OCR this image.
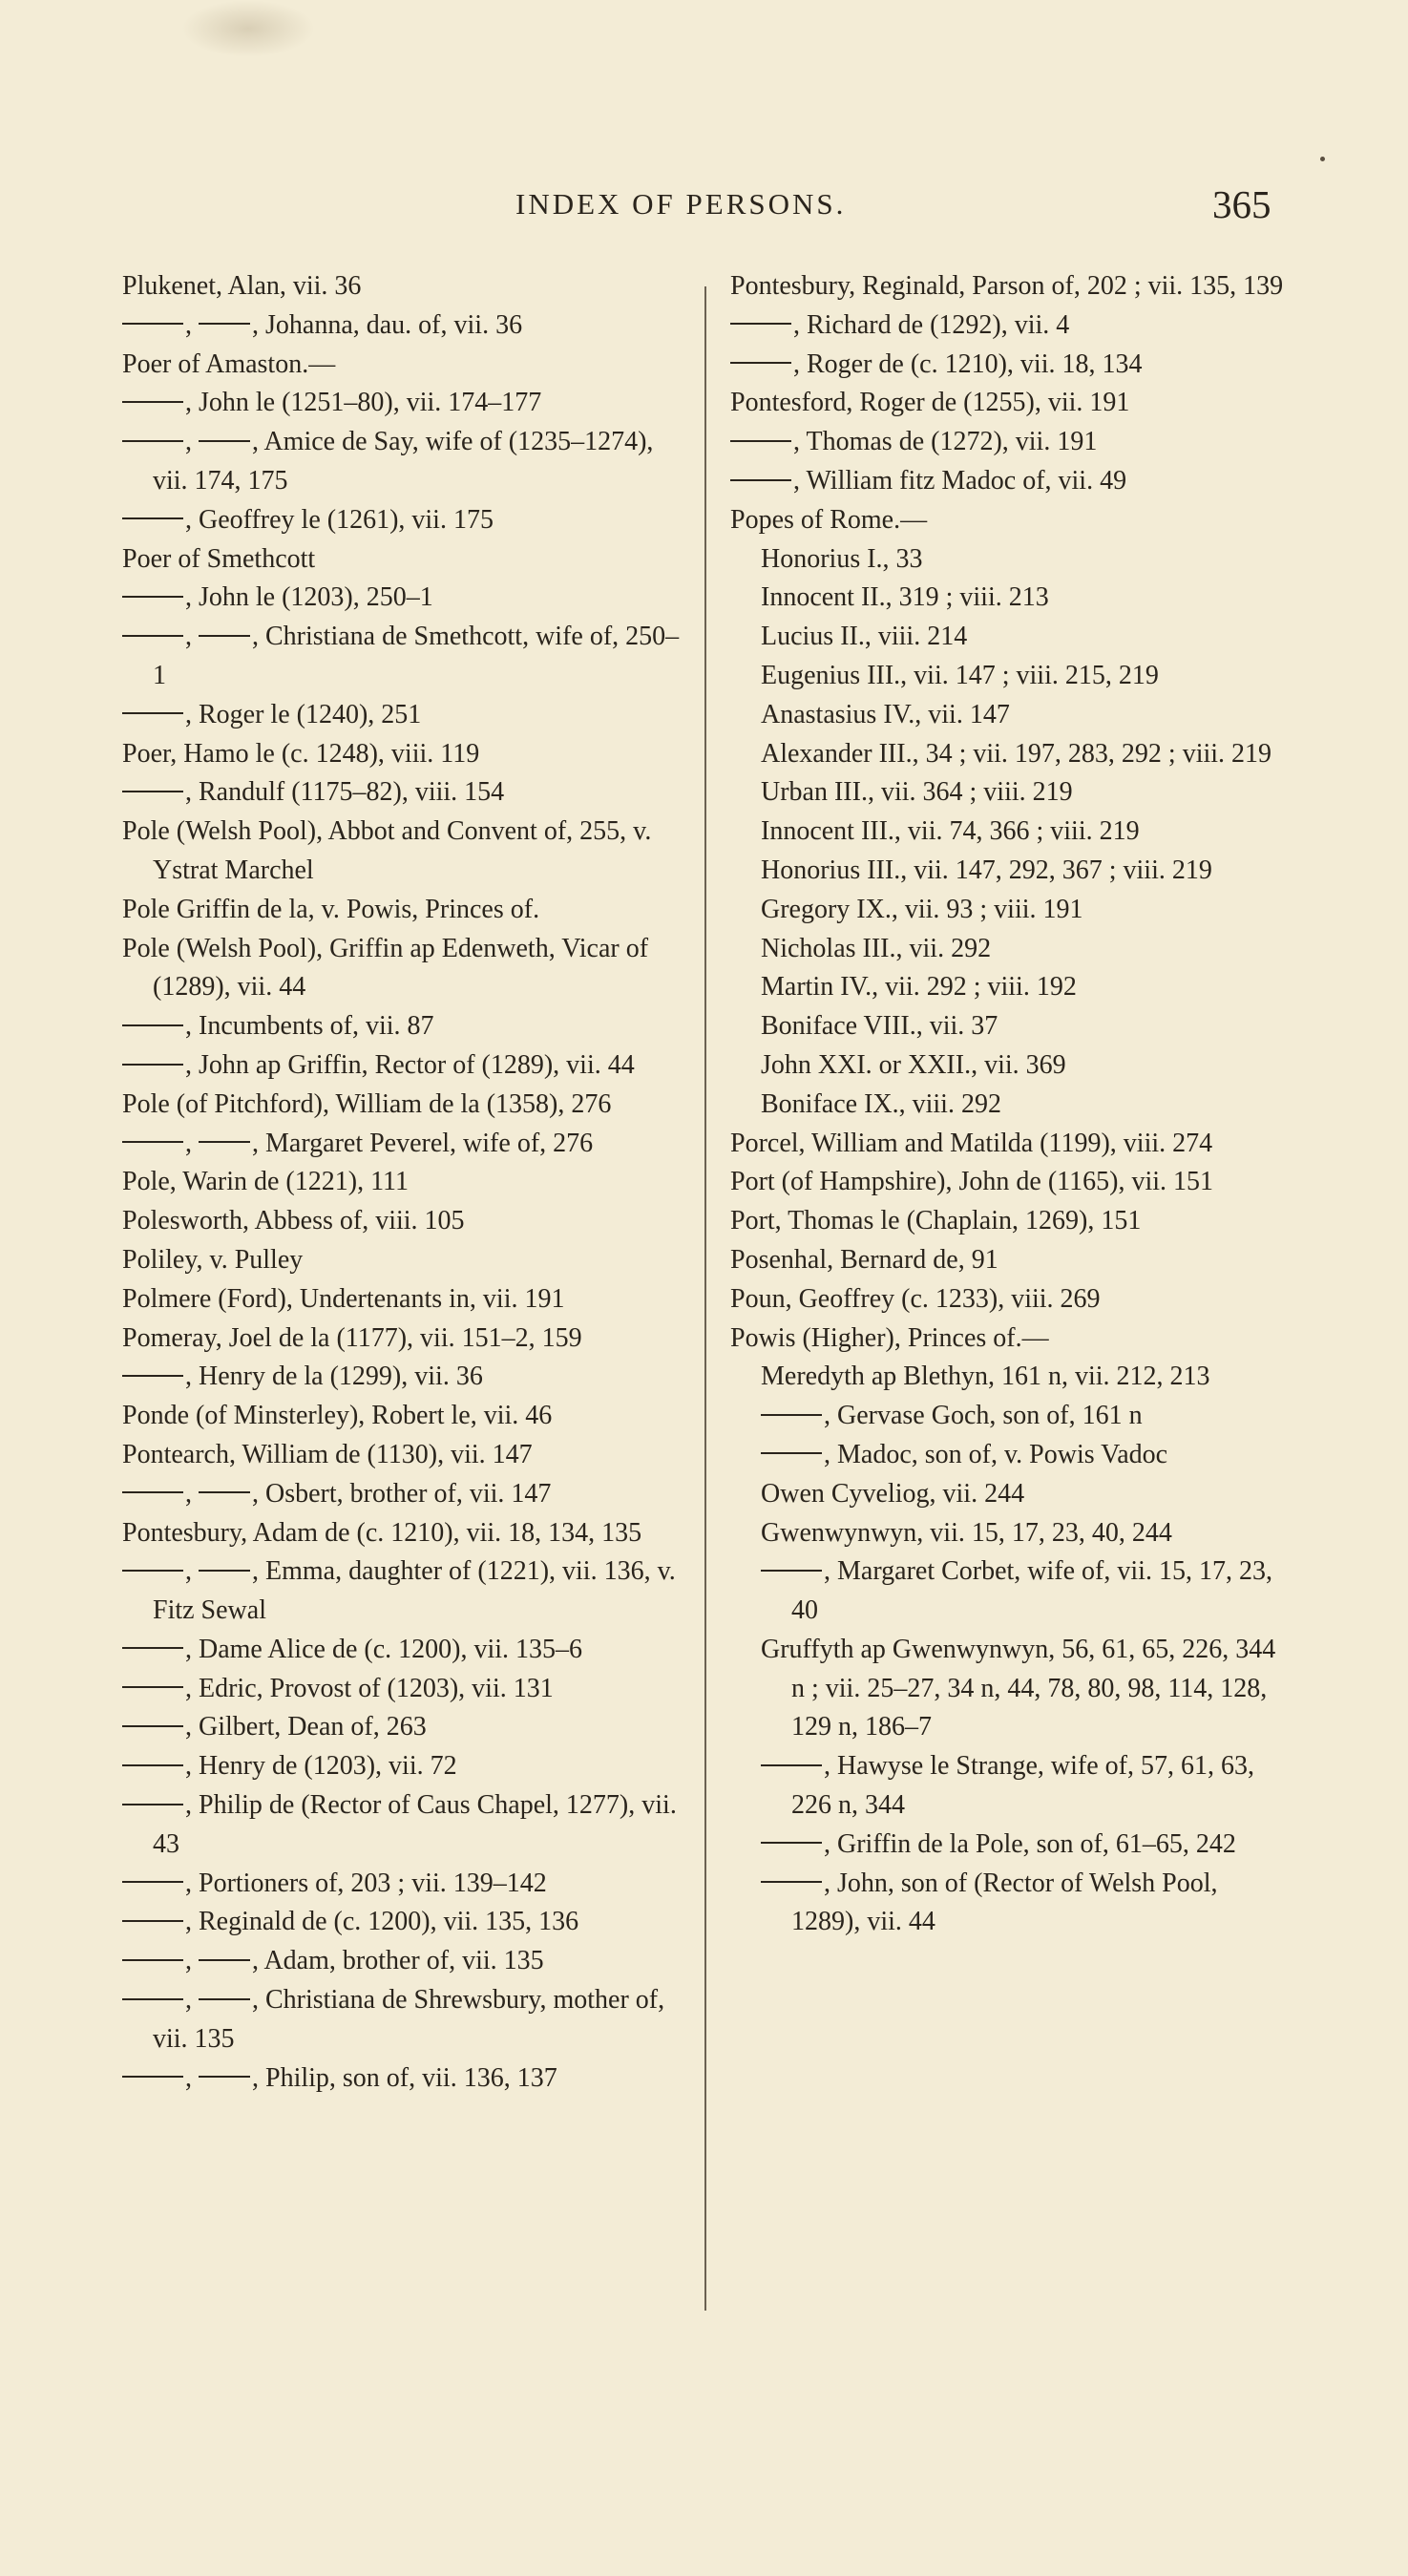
INDEX OF PERSONS.	365
Plukenet, Alan, vii. 36
, , Johanna, dau. of, vii. 36
Poer of Amaston.—
, John le (1251–80), vii. 174–177
, , Amice de Say, wife of (1235–1274), vii. 174, 175
, Geoffrey le (1261), vii. 175
Poer of Smethcott
, John le (1203), 250–1
, , Christiana de Smethcott, wife of, 250–1
, Roger le (1240), 251
Poer, Hamo le (c. 1248), viii. 119
, Randulf (1175–82), viii. 154
Pole (Welsh Pool), Abbot and Convent of, 255, v. Ystrat Marchel
Pole Griffin de la, v. Powis, Princes of.
Pole (Welsh Pool), Griffin ap Edenweth, Vicar of (1289), vii. 44
, Incumbents of, vii. 87
, John ap Griffin, Rector of (1289), vii. 44
Pole (of Pitchford), William de la (1358), 276
, , Margaret Peverel, wife of, 276
Pole, Warin de (1221), 111
Polesworth, Abbess of, viii. 105
Poliley, v. Pulley
Polmere (Ford), Undertenants in, vii. 191
Pomeray, Joel de la (1177), vii. 151–2, 159
, Henry de la (1299), vii. 36
Ponde (of Minsterley), Robert le, vii. 46
Pontearch, William de (1130), vii. 147
, , Osbert, brother of, vii. 147
Pontesbury, Adam de (c. 1210), vii. 18, 134, 135
, , Emma, daughter of (1221), vii. 136, v. Fitz Sewal
, Dame Alice de (c. 1200), vii. 135–6
, Edric, Provost of (1203), vii. 131
, Gilbert, Dean of, 263
, Henry de (1203), vii. 72
, Philip de (Rector of Caus Chapel, 1277), vii. 43
, Portioners of, 203 ; vii. 139–142
, Reginald de (c. 1200), vii. 135, 136
, , Adam, brother of, vii. 135
, , Christiana de Shrewsbury, mother of, vii. 135
, , Philip, son of, vii. 136, 137
Pontesbury, Reginald, Parson of, 202 ; vii. 135, 139
, Richard de (1292), vii. 4
, Roger de (c. 1210), vii. 18, 134
Pontesford, Roger de (1255), vii. 191
, Thomas de (1272), vii. 191
, William fitz Madoc of, vii. 49
Popes of Rome.—
Honorius I., 33
Innocent II., 319 ; viii. 213
Lucius II., viii. 214
Eugenius III., vii. 147 ; viii. 215, 219
Anastasius IV., vii. 147
Alexander III., 34 ; vii. 197, 283, 292 ; viii. 219
Urban III., vii. 364 ; viii. 219
Innocent III., vii. 74, 366 ; viii. 219
Honorius III., vii. 147, 292, 367 ; viii. 219
Gregory IX., vii. 93 ; viii. 191
Nicholas III., vii. 292
Martin IV., vii. 292 ; viii. 192
Boniface VIII., vii. 37
John XXI. or XXII., vii. 369
Boniface IX., viii. 292
Porcel, William and Matilda (1199), viii. 274
Port (of Hampshire), John de (1165), vii. 151
Port, Thomas le (Chaplain, 1269), 151
Posenhal, Bernard de, 91
Poun, Geoffrey (c. 1233), viii. 269
Powis (Higher), Princes of.—
Meredyth ap Blethyn, 161 n, vii. 212, 213
, Gervase Goch, son of, 161 n
, Madoc, son of, v. Powis Vadoc
Owen Cyveliog, vii. 244
Gwenwynwyn, vii. 15, 17, 23, 40, 244
, Margaret Corbet, wife of, vii. 15, 17, 23, 40
Gruffyth ap Gwenwynwyn, 56, 61, 65, 226, 344 n ; vii. 25–27, 34 n, 44, 78, 80, 98, 114, 128, 129 n, 186–7
, Hawyse le Strange, wife of, 57, 61, 63, 226 n, 344
, Griffin de la Pole, son of, 61–65, 242
, John, son of (Rector of Welsh Pool, 1289), vii. 44
